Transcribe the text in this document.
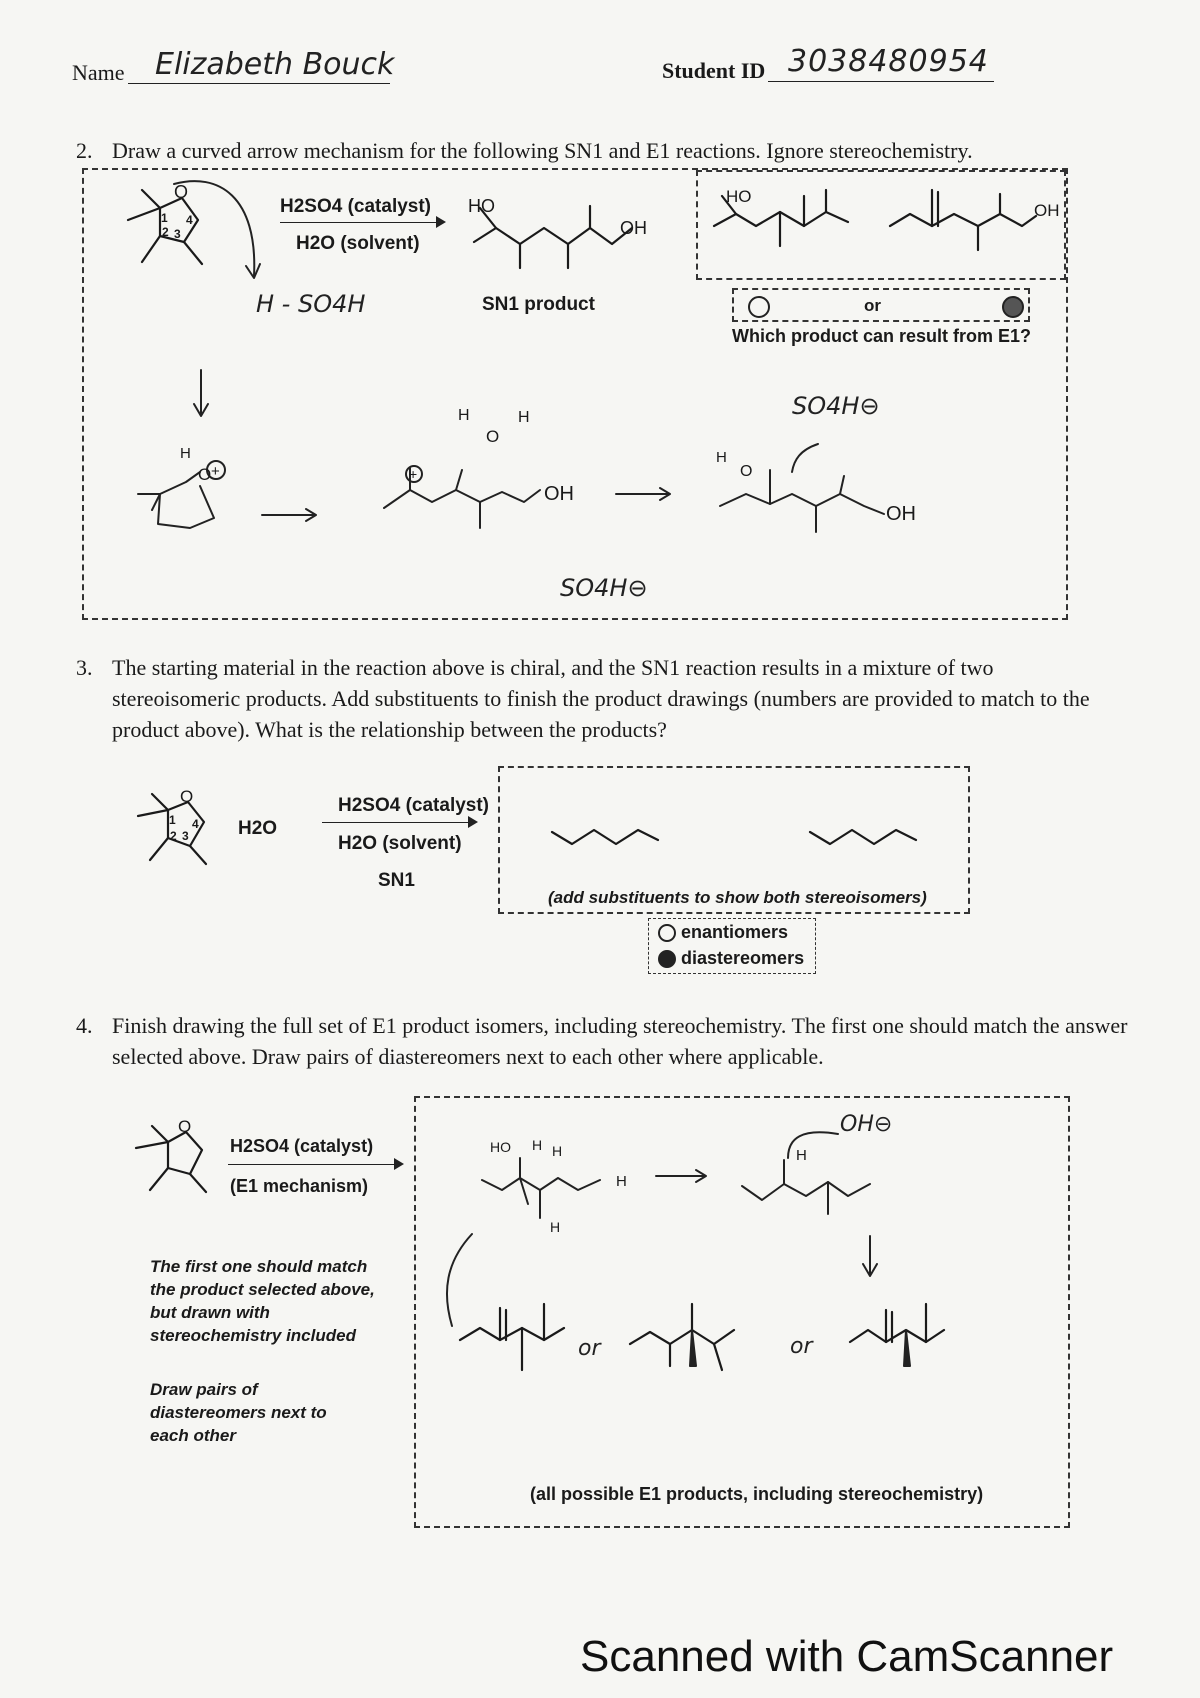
Name Elizabeth Bouck	Student ID 3038480954
2. Draw a curved arrow mechanism for the following SN1 and E1 reactions. Ignore stereochemistry.
H2SO4 (catalyst)
H2O (solvent)
SN1 product	or
Which product can result from E1?
O
1
2 3
4
HO
OH
HO
OH
H - SO4H
O +
H
+
H	H
O
OH
SO4H⊖
SO4H⊖
O
H
OH
3. The starting material in the reaction above is chiral, and the SN1 reaction results in a mixture of two stereoisomeric products. Add substituents to finish the product drawings (numbers are provided to match to the product above). What is the relationship between the products?
O
1
2 3
4 H2O
H2SO4 (catalyst)
H2O (solvent)
SN1
(add substituents to show both stereoisomers)
enantiomers
diastereomers
4. Finish drawing the full set of E1 product isomers, including stereochemistry. The first one should match the answer selected above. Draw pairs of diastereomers next to each other where applicable.
O
H2SO4 (catalyst)
(E1 mechanism)
The first one should match the product selected above, but drawn with stereochemistry included
Draw pairs of diastereomers next to each other
HO H H
H
H
OH⊖
H
or	or
(all possible E1 products, including stereochemistry)
Scanned with CamScanner
